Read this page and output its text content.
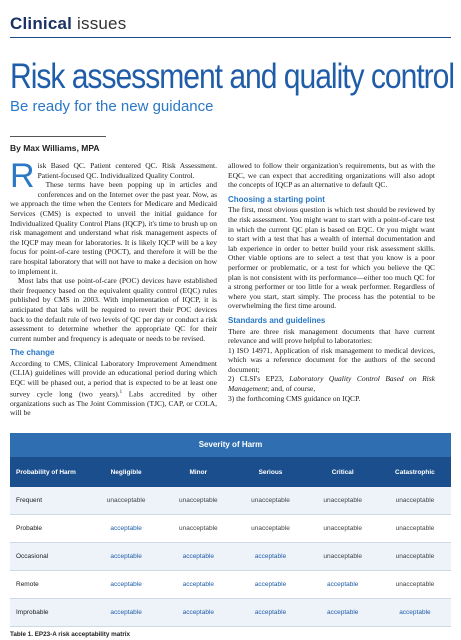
Clinical issues
Risk assessment and quality control
Be ready for the new guidance
By Max Williams, MPA

Risk Based QC. Patient centered QC. Risk Assessment. Patient-focused QC. Individualized Quality Control.

These terms have been popping up in articles and conferences and on the Internet over the past year. Now, as we approach the time when the Centers for Medicare and Medicaid Services (CMS) is expected to unveil the initial guidance for Individualized Quality Control Plans (IQCP), it's time to brush up on risk management and understand what risk management aspects of the IQCP may mean for laboratories. It is likely IQCP will be a key focus for point-of-care testing (POCT), and therefore it will be the rare hospital laboratory that will not have to make a decision on how to implement it.

Most labs that use point-of-care (POC) devices have established their frequency based on the equivalent quality control (EQC) rules published by CMS in 2003. With implementation of IQCP, it is anticipated that labs will be required to revert their POC devices back to the default rule of two levels of QC per day or conduct a risk assessment to determine whether the appropriate QC for their current number and frequency is adequate or needs to be revised.

The change

According to CMS, Clinical Laboratory Improvement Amendment (CLIA) guidelines will provide an educational period during which EQC will be phased out, a period that is expected to be at least one survey cycle long (two years).$^1$ Labs accredited by other organizations such as The Joint Commission (TJC), CAP, or COLA, will be

allowed to follow their organization's requirements, but as with the EQC, we can expect that accrediting organizations will also adopt the concepts of IQCP as an alternative to default QC.

Choosing a starting point

The first, most obvious question is which test should be reviewed by the risk assessment. You might want to start with a point-of-care test in which the current QC plan is based on EQC. Or you might want to start with a test that has a wealth of internal documentation and lab experience in order to better build your risk assessment skills. Other viable options are to select a test that you know is a poor performer or problematic, or a test for which you believe the QC plan is not consistent with its performance—either too much QC for a strong performer or too little for a weak performer. Regardless of where you start, start simply. The process has the potential to be overwhelming the first time around.

Standards and guidelines

There are three risk management documents that have current relevance and will prove helpful to laboratories:

1) ISO 14971, Application of risk management to medical devices, which was a reference document for the authors of the second document;

2) CLSI's EP23, Laboratory Quality Control Based on Risk Management; and, of course,

3) the forthcoming CMS guidance on IQCP.

Severity of Harm
Probability of Harm	Negligible	Minor	Serious	Critical	Catastrophic
Frequent	unacceptable	unacceptable	unacceptable	unacceptable	unacceptable
Probable	acceptable	unacceptable	unacceptable	unacceptable	unacceptable
Occasional	acceptable	acceptable	acceptable	unacceptable	unacceptable
Remote	acceptable	acceptable	acceptable	acceptable	unacceptable
Improbable	acceptable	acceptable	acceptable	acceptable	acceptable
Table 1. EP23-A risk acceptability matrix
